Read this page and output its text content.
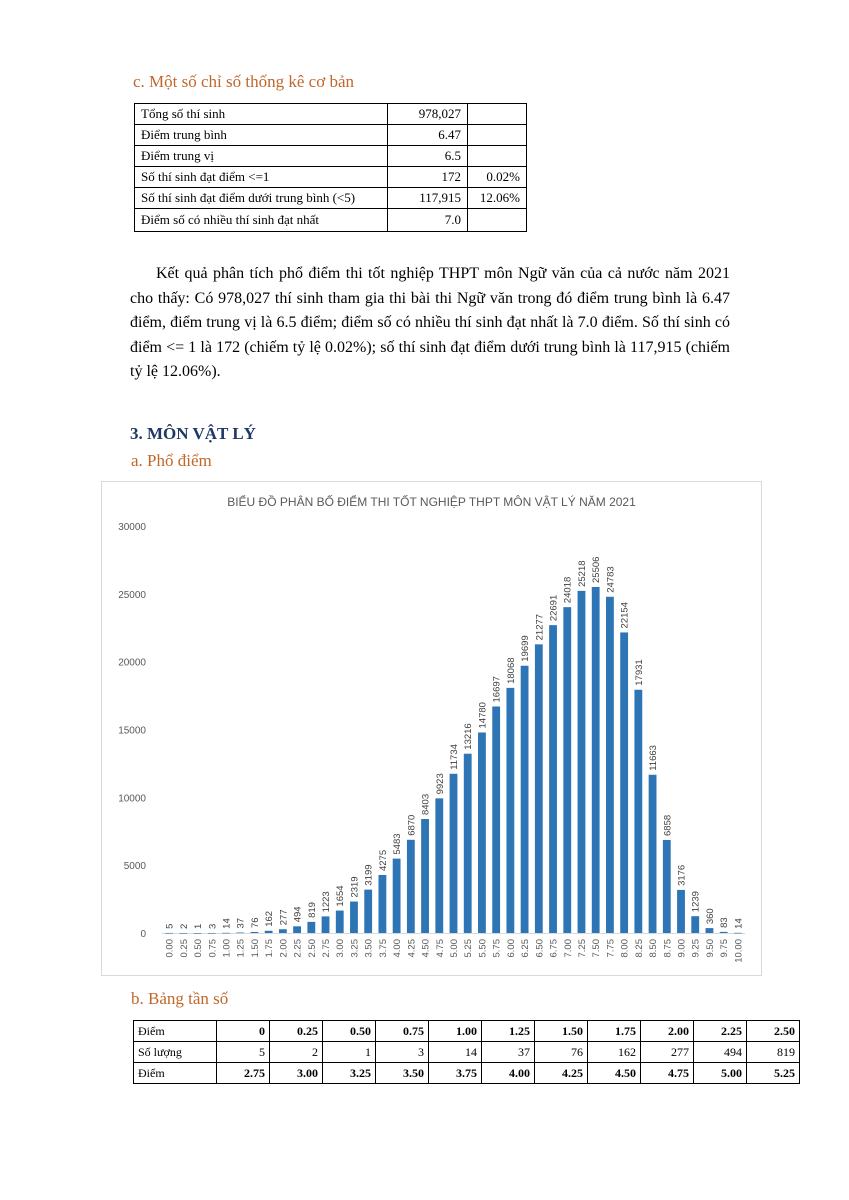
c. Một số chỉ số thống kê cơ bản
Tổng số thí sinh	978,027	
Điểm trung bình	6.47	
Điểm trung vị	6.5	
Số thí sinh đạt điểm <=1	172	0.02%
Số thí sinh đạt điểm dưới trung bình (<5)	117,915	12.06%
Điểm số có nhiều thí sinh đạt nhất	7.0	
Kết quả phân tích phổ điểm thi tốt nghiệp THPT môn Ngữ văn của cả nước năm 2021 cho thấy: Có 978,027 thí sinh tham gia thi bài thi Ngữ văn trong đó điểm trung bình là 6.47 điểm, điểm trung vị là 6.5 điểm; điểm số có nhiều thí sinh đạt nhất là 7.0 điểm. Số thí sinh có điểm <= 1 là 172 (chiếm tỷ lệ 0.02%); số thí sinh đạt điểm dưới trung bình là 117,915 (chiếm tỷ lệ 12.06%).
3. MÔN VẬT LÝ
a. Phổ điểm
BIỂU ĐỒ PHÂN BỐ ĐIỂM THI TỐT NGHIỆP THPT MÔN VẬT LÝ NĂM 2021
0
5000
10000
15000
20000
25000
30000
5
0.00
2
0.25
1
0.50
3
0.75
14
1.00
37
1.25
76
1.50
162
1.75
277
2.00
494
2.25
819
2.50
1223
2.75
1654
3.00
2319
3.25
3199
3.50
4275
3.75
5483
4.00
6870
4.25
8403
4.50
9923
4.75
11734
5.00
13216
5.25
14780
5.50
16697
5.75
18068
6.00
19699
6.25
21277
6.50
22691
6.75
24018
7.00
25218
7.25
25506
7.50
24783
7.75
22154
8.00
17931
8.25
11663
8.50
6858
8.75
3176
9.00
1239
9.25
360
9.50
83
9.75
14
10.00
b. Bảng tần số
Điểm	0	0.25	0.50	0.75	1.00	1.25	1.50	1.75	2.00	2.25	2.50
Số lượng	5	2	1	3	14	37	76	162	277	494	819
Điểm	2.75	3.00	3.25	3.50	3.75	4.00	4.25	4.50	4.75	5.00	5.25
